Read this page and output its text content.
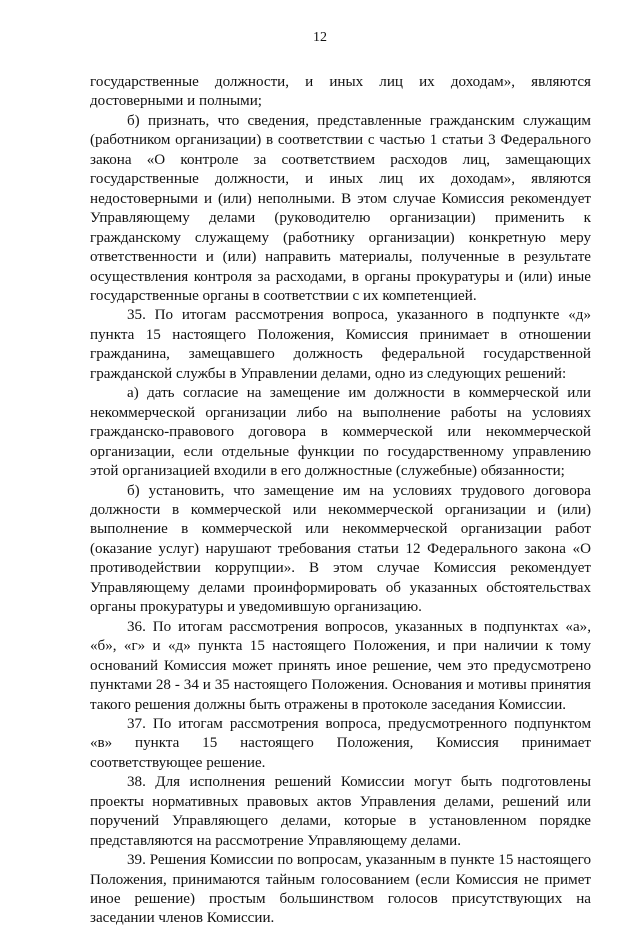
12

государственные должности, и иных лиц их доходам», являются достоверными и полными;

б) признать, что сведения, представленные гражданским служащим (работником организации) в соответствии с частью 1 статьи 3 Федерального закона «О контроле за соответствием расходов лиц, замещающих государственные должности, и иных лиц их доходам», являются недостоверными и (или) неполными. В этом случае Комиссия рекомендует Управляющему делами (руководителю организации) применить к гражданскому служащему (работнику организации) конкретную меру ответственности и (или) направить материалы, полученные в результате осуществления контроля за расходами, в органы прокуратуры и (или) иные государственные органы в соответствии с их компетенцией.

35. По итогам рассмотрения вопроса, указанного в подпункте «д» пункта 15 настоящего Положения, Комиссия принимает в отношении гражданина, замещавшего должность федеральной государственной гражданской службы в Управлении делами, одно из следующих решений:

а) дать согласие на замещение им должности в коммерческой или некоммерческой организации либо на выполнение работы на условиях гражданско-правового договора в коммерческой или некоммерческой организации, если отдельные функции по государственному управлению этой организацией входили в его должностные (служебные) обязанности;

б) установить, что замещение им на условиях трудового договора должности в коммерческой или некоммерческой организации и (или) выполнение в коммерческой или некоммерческой организации работ (оказание услуг) нарушают требования статьи 12 Федерального закона «О противодействии коррупции». В этом случае Комиссия рекомендует Управляющему делами проинформировать об указанных обстоятельствах органы прокуратуры и уведомившую организацию.

36. По итогам рассмотрения вопросов, указанных в подпунктах «а», «б», «г» и «д» пункта 15 настоящего Положения, и при наличии к тому оснований Комиссия может принять иное решение, чем это предусмотрено пунктами 28 - 34 и 35 настоящего Положения. Основания и мотивы принятия такого решения должны быть отражены в протоколе заседания Комиссии.

37. По итогам рассмотрения вопроса, предусмотренного подпунктом «в» пункта 15 настоящего Положения, Комиссия принимает соответствующее решение.

38. Для исполнения решений Комиссии могут быть подготовлены проекты нормативных правовых актов Управления делами, решений или поручений Управляющего делами, которые в установленном порядке представляются на рассмотрение Управляющему делами.

39. Решения Комиссии по вопросам, указанным в пункте 15 настоящего Положения, принимаются тайным голосованием (если Комиссия не примет иное решение) простым большинством голосов присутствующих на заседании членов Комиссии.
